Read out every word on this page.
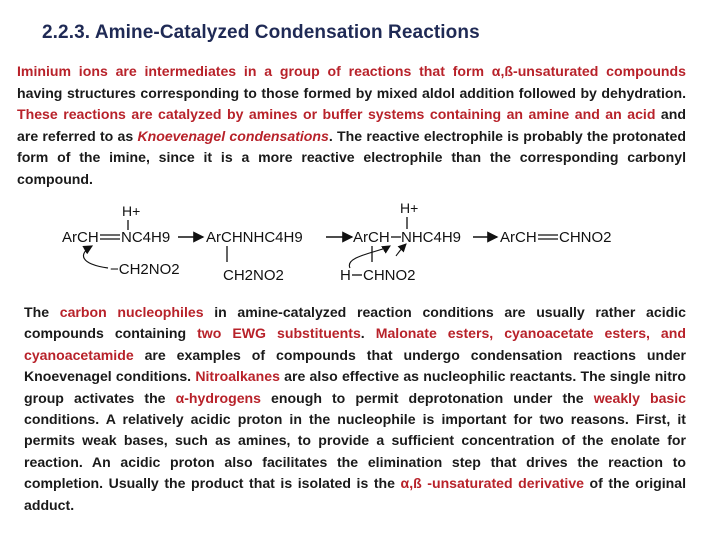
2.2.3. Amine-Catalyzed Condensation Reactions
Iminium ions are intermediates in a group of reactions that form α,ß-unsaturated compounds having structures corresponding to those formed by mixed aldol addition followed by dehydration. These reactions are catalyzed by amines or buffer systems containing an amine and an acid and are referred to as Knoevenagel condensations. The reactive electrophile is probably the protonated form of the imine, since it is a more reactive electrophile than the corresponding carbonyl compound.
H+
ArCH NC4H9
−CH2NO2
ArCHNHC4H9
CH2NO2
H+
ArCH NHC4H9
H CHNO2
ArCH CHNO2
The carbon nucleophiles in amine-catalyzed reaction conditions are usually rather acidic compounds containing two EWG substituents. Malonate esters, cyanoacetate esters, and cyanoacetamide are examples of compounds that undergo condensation reactions under Knoevenagel conditions. Nitroalkanes are also effective as nucleophilic reactants. The single nitro group activates the α-hydrogens enough to permit deprotonation under the weakly basic conditions. A relatively acidic proton in the nucleophile is important for two reasons. First, it permits weak bases, such as amines, to provide a sufficient concentration of the enolate for reaction. An acidic proton also facilitates the elimination step that drives the reaction to completion. Usually the product that is isolated is the α,ß -unsaturated derivative of the original adduct.
